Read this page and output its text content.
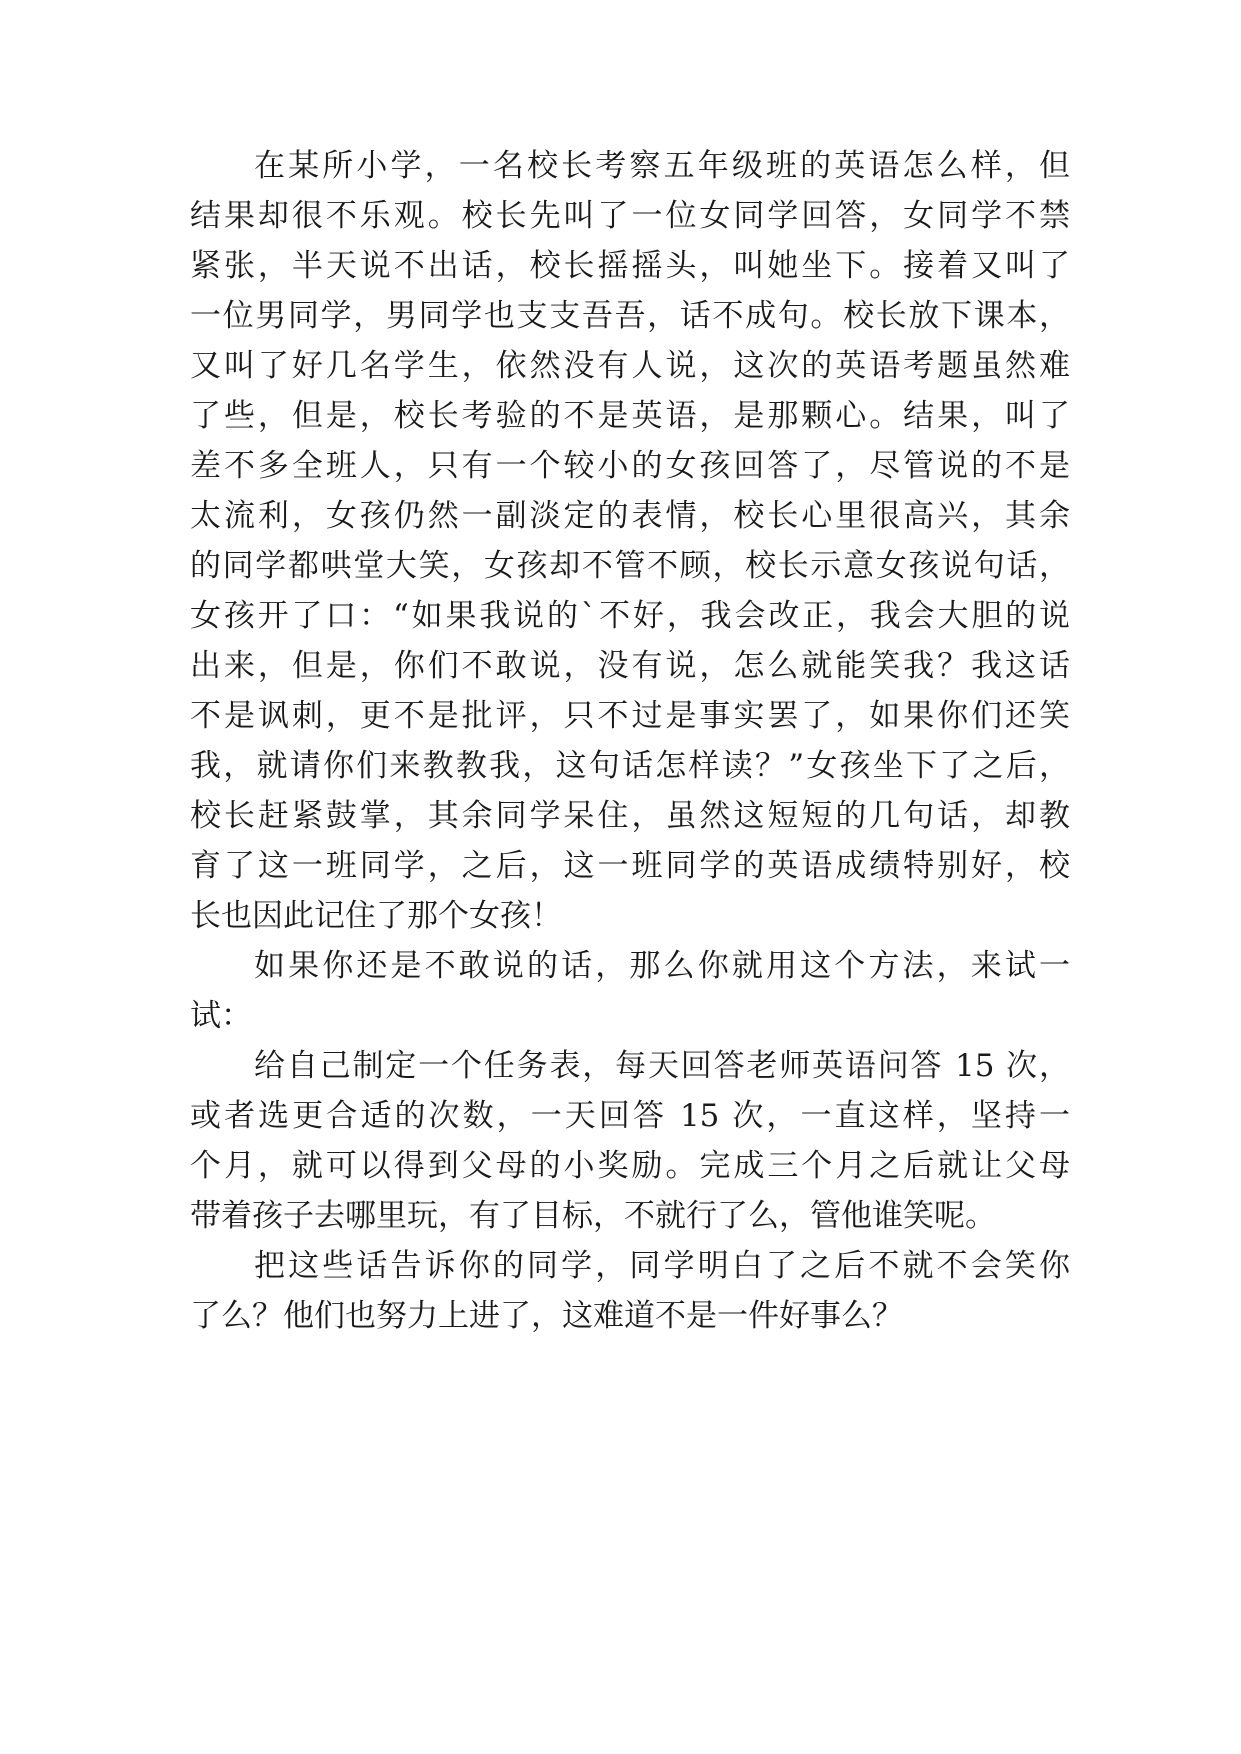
在某所小学，一名校长考察五年级班的英语怎么样，但
结果却很不乐观。校长先叫了一位女同学回答，女同学不禁
紧张，半天说不出话，校长摇摇头，叫她坐下。接着又叫了
一位男同学，男同学也支支吾吾，话不成句。校长放下课本，
又叫了好几名学生，依然没有人说，这次的英语考题虽然难
了些，但是，校长考验的不是英语，是那颗心。结果，叫了
差不多全班人，只有一个较小的女孩回答了，尽管说的不是
太流利，女孩仍然一副淡定的表情，校长心里很高兴，其余
的同学都哄堂大笑，女孩却不管不顾，校长示意女孩说句话，
女孩开了口：“如果我说的`不好，我会改正，我会大胆的说
出来，但是，你们不敢说，没有说，怎么就能笑我？我这话
不是讽刺，更不是批评，只不过是事实罢了，如果你们还笑
我，就请你们来教教我，这句话怎样读？”女孩坐下了之后，
校长赶紧鼓掌，其余同学呆住，虽然这短短的几句话，却教
育了这一班同学，之后，这一班同学的英语成绩特别好，校
长也因此记住了那个女孩！
如果你还是不敢说的话，那么你就用这个方法，来试一
试：
给自己制定一个任务表，每天回答老师英语问答 15 次，
或者选更合适的次数，一天回答 15 次，一直这样，坚持一
个月，就可以得到父母的小奖励。完成三个月之后就让父母
带着孩子去哪里玩，有了目标，不就行了么，管他谁笑呢。
把这些话告诉你的同学，同学明白了之后不就不会笑你
了么？他们也努力上进了，这难道不是一件好事么？
